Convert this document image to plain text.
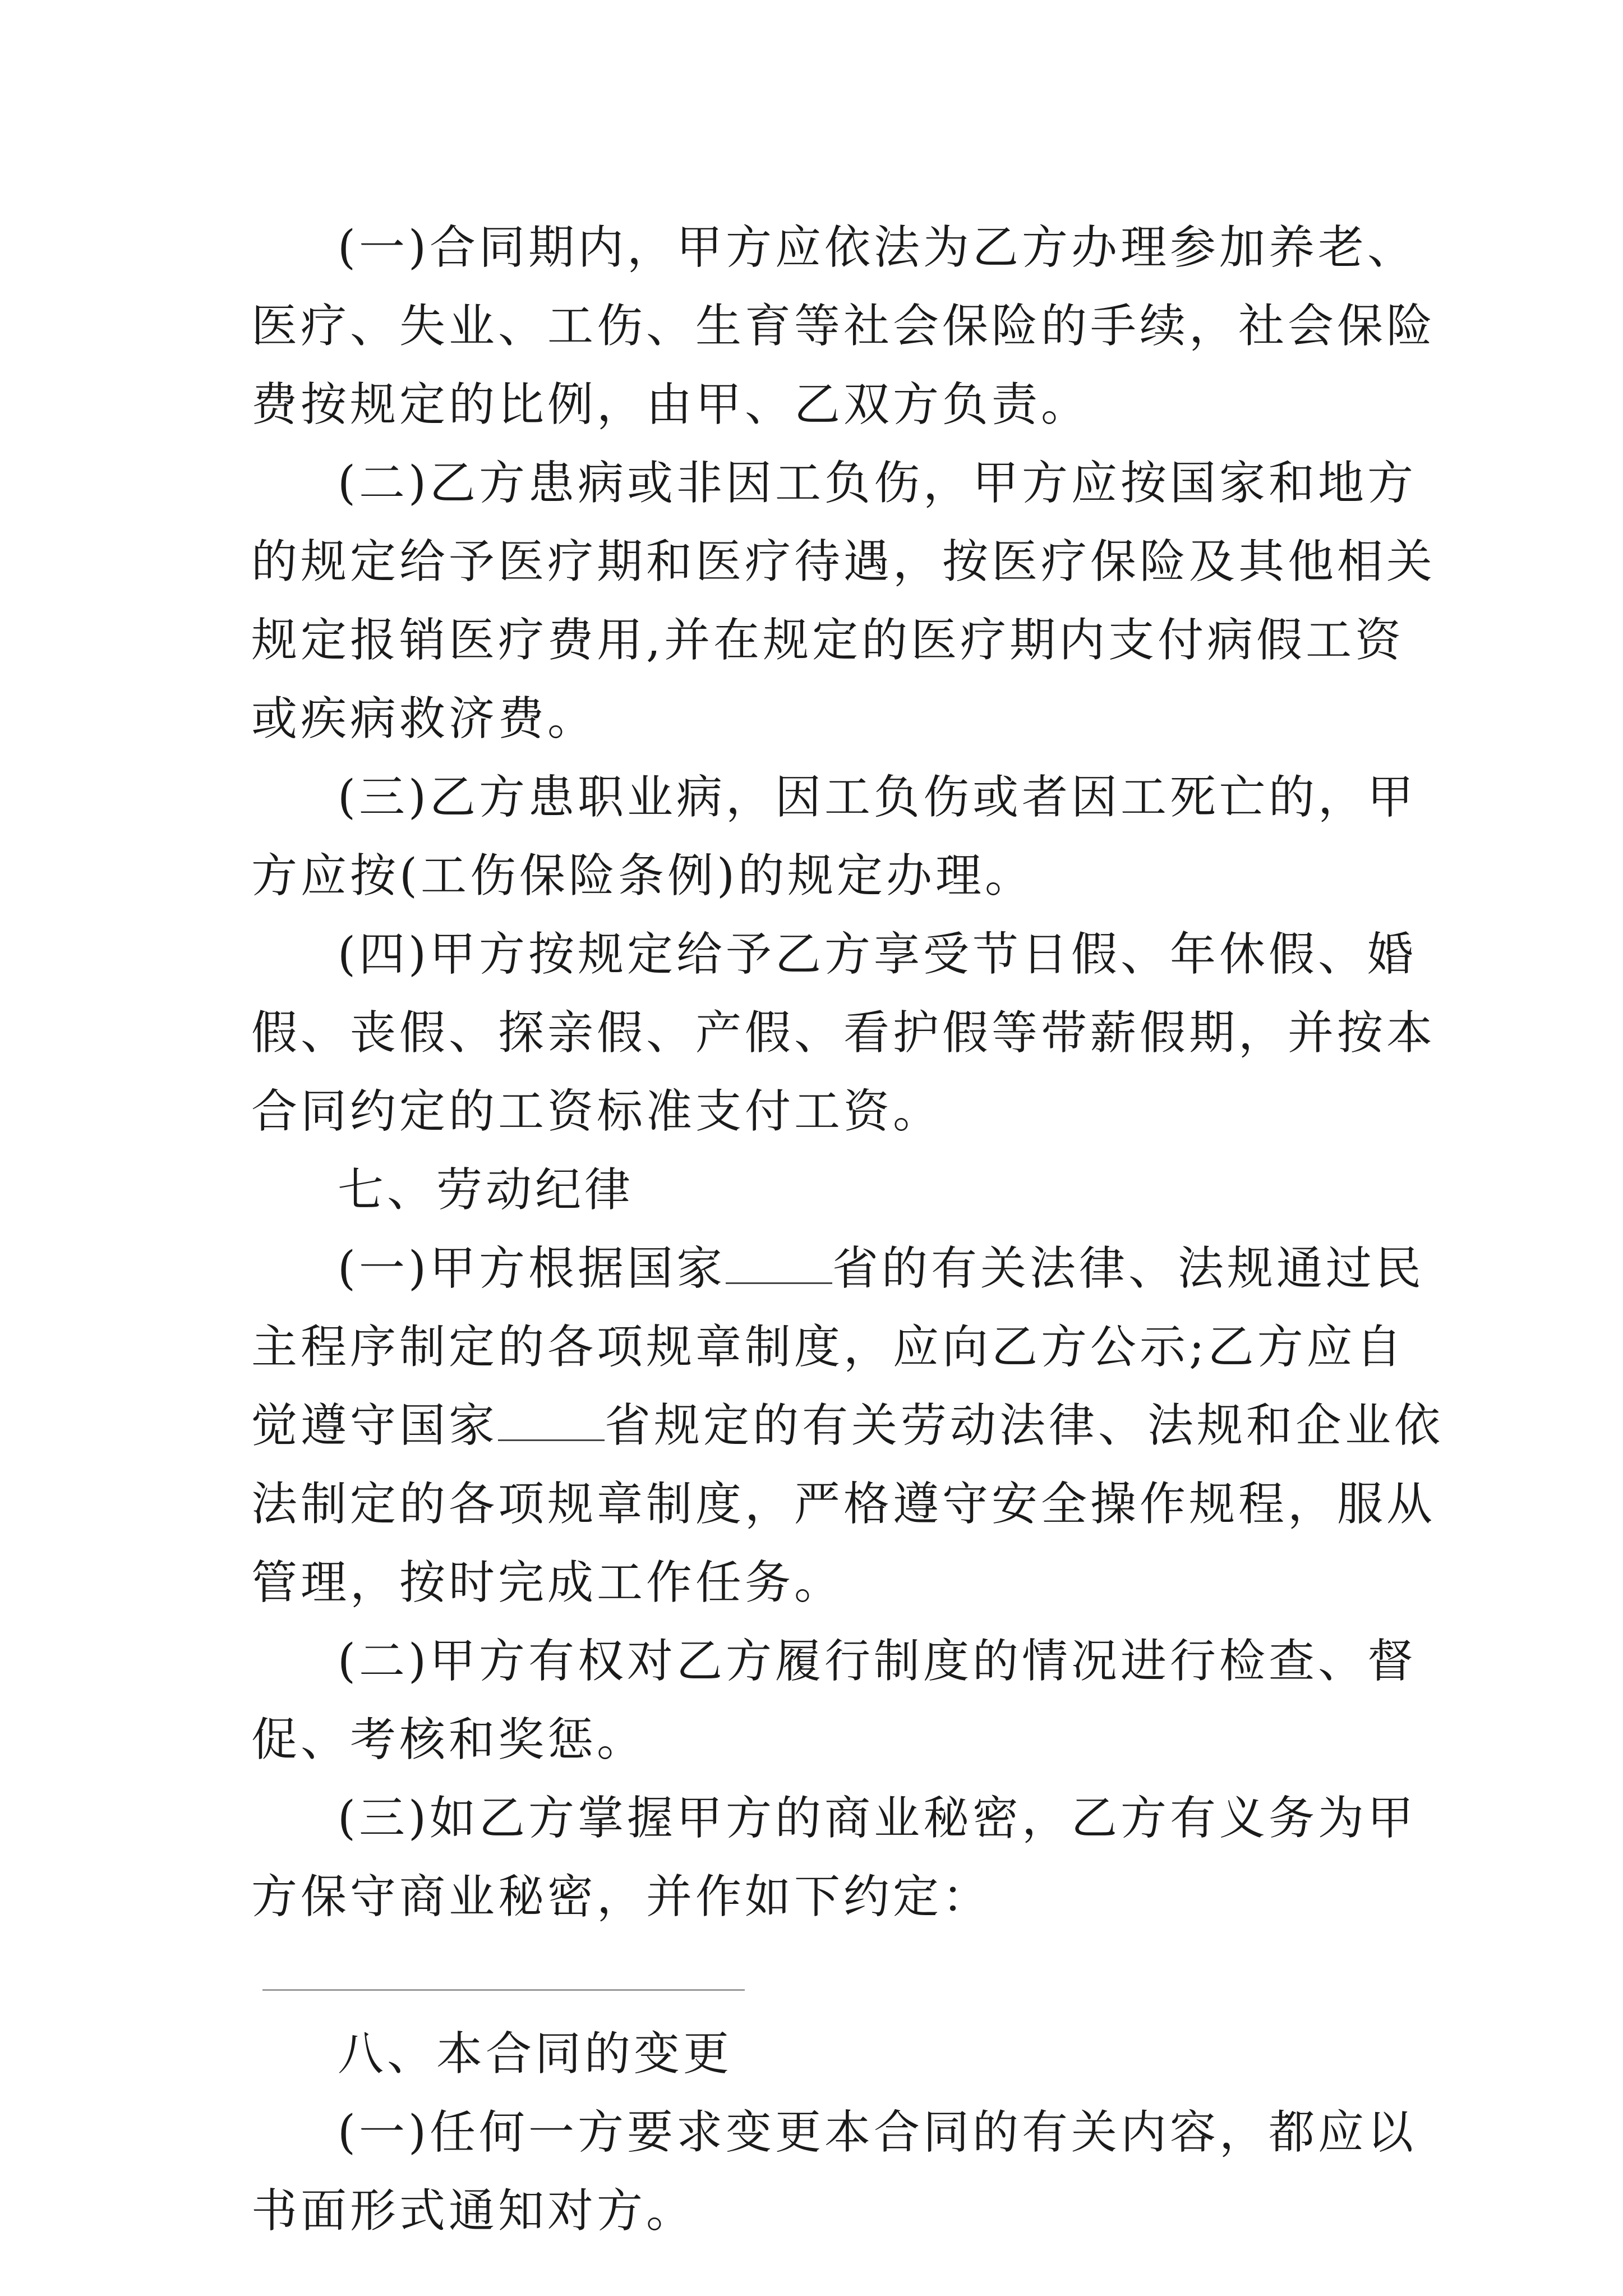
(一)合同期内，甲方应依法为乙方办理参加养老、医疗、失业、工伤、生育等社会保险的手续，社会保险费按规定的比例，由甲、乙双方负责。

(二)乙方患病或非因工负伤，甲方应按国家和地方的规定给予医疗期和医疗待遇，按医疗保险及其他相关规定报销医疗费用,并在规定的医疗期内支付病假工资或疾病救济费。

(三)乙方患职业病，因工负伤或者因工死亡的，甲方应按(工伤保险条例)的规定办理。

(四)甲方按规定给予乙方享受节日假、年休假、婚假、丧假、探亲假、产假、看护假等带薪假期，并按本合同约定的工资标准支付工资。

七、劳动纪律

(一)甲方根据国家 省的有关法律、法规通过民主程序制定的各项规章制度，应向乙方公示;乙方应自觉遵守国家 省规定的有关劳动法律、法规和企业依法制定的各项规章制度，严格遵守安全操作规程，服从管理，按时完成工作任务。

(二)甲方有权对乙方履行制度的情况进行检查、督促、考核和奖惩。

(三)如乙方掌握甲方的商业秘密，乙方有义务为甲方保守商业秘密，并作如下约定：

八、本合同的变更

(一)任何一方要求变更本合同的有关内容，都应以书面形式通知对方。
